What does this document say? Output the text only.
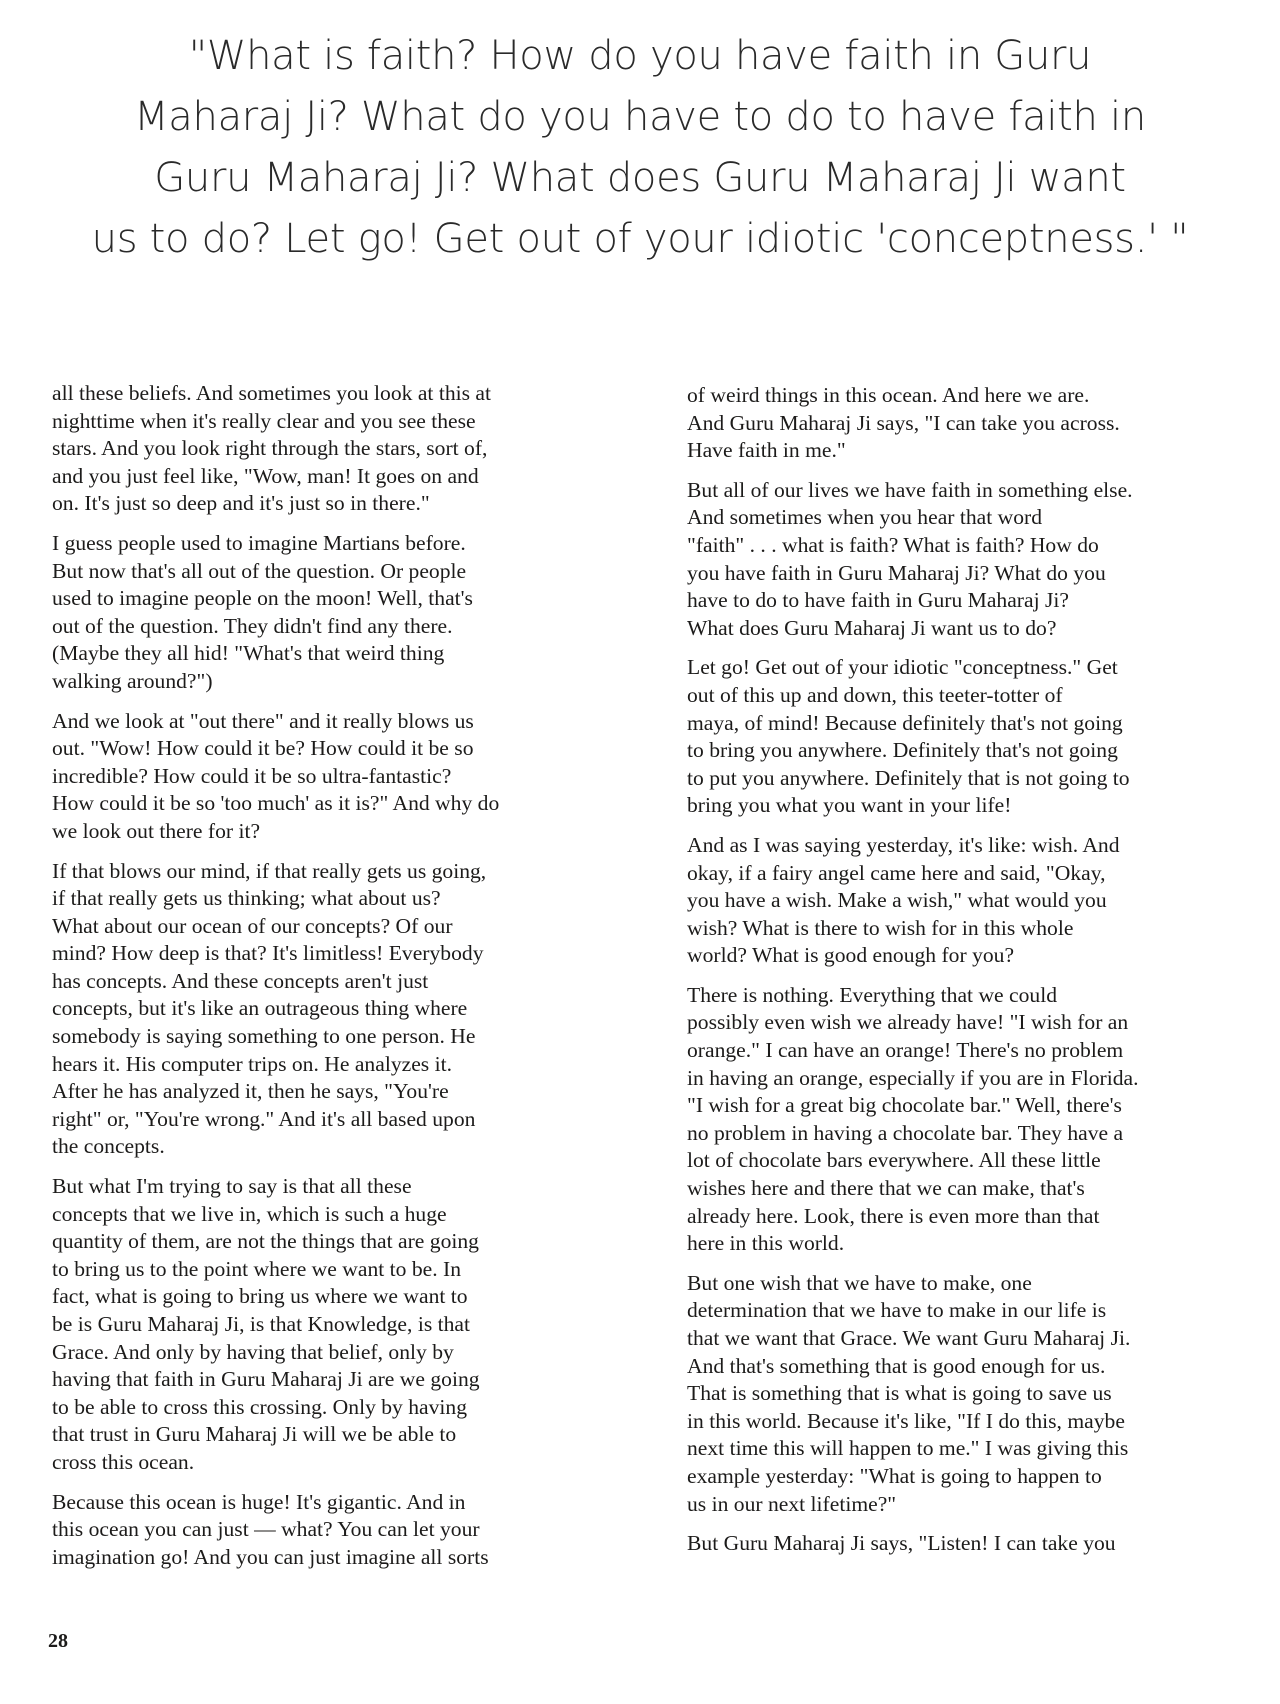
"What is faith? How do you have faith in Guru
Maharaj Ji? What do you have to do to have faith in
Guru Maharaj Ji? What does Guru Maharaj Ji want
us to do? Let go! Get out of your idiotic 'conceptness.' "

all these beliefs. And sometimes you look at this at
nighttime when it's really clear and you see these
stars. And you look right through the stars, sort of,
and you just feel like, "Wow, man! It goes on and
on. It's just so deep and it's just so in there."

I guess people used to imagine Martians before.
But now that's all out of the question. Or people
used to imagine people on the moon! Well, that's
out of the question. They didn't find any there.
(Maybe they all hid! "What's that weird thing
walking around?")

And we look at "out there" and it really blows us
out. "Wow! How could it be? How could it be so
incredible? How could it be so ultra-fantastic?
How could it be so 'too much' as it is?" And why do
we look out there for it?

If that blows our mind, if that really gets us going,
if that really gets us thinking; what about us?
What about our ocean of our concepts? Of our
mind? How deep is that? It's limitless! Everybody
has concepts. And these concepts aren't just
concepts, but it's like an outrageous thing where
somebody is saying something to one person. He
hears it. His computer trips on. He analyzes it.
After he has analyzed it, then he says, "You're
right" or, "You're wrong." And it's all based upon
the concepts.

But what I'm trying to say is that all these
concepts that we live in, which is such a huge
quantity of them, are not the things that are going
to bring us to the point where we want to be. In
fact, what is going to bring us where we want to
be is Guru Maharaj Ji, is that Knowledge, is that
Grace. And only by having that belief, only by
having that faith in Guru Maharaj Ji are we going
to be able to cross this crossing. Only by having
that trust in Guru Maharaj Ji will we be able to
cross this ocean.

Because this ocean is huge! It's gigantic. And in
this ocean you can just — what? You can let your
imagination go! And you can just imagine all sorts

of weird things in this ocean. And here we are.
And Guru Maharaj Ji says, "I can take you across.
Have faith in me."

But all of our lives we have faith in something else.
And sometimes when you hear that word
"faith" . . . what is faith? What is faith? How do
you have faith in Guru Maharaj Ji? What do you
have to do to have faith in Guru Maharaj Ji?
What does Guru Maharaj Ji want us to do?

Let go! Get out of your idiotic "conceptness." Get
out of this up and down, this teeter-totter of
maya, of mind! Because definitely that's not going
to bring you anywhere. Definitely that's not going
to put you anywhere. Definitely that is not going to
bring you what you want in your life!

And as I was saying yesterday, it's like: wish. And
okay, if a fairy angel came here and said, "Okay,
you have a wish. Make a wish," what would you
wish? What is there to wish for in this whole
world? What is good enough for you?

There is nothing. Everything that we could
possibly even wish we already have! "I wish for an
orange." I can have an orange! There's no problem
in having an orange, especially if you are in Florida.
"I wish for a great big chocolate bar." Well, there's
no problem in having a chocolate bar. They have a
lot of chocolate bars everywhere. All these little
wishes here and there that we can make, that's
already here. Look, there is even more than that
here in this world.

But one wish that we have to make, one
determination that we have to make in our life is
that we want that Grace. We want Guru Maharaj Ji.
And that's something that is good enough for us.
That is something that is what is going to save us
in this world. Because it's like, "If I do this, maybe
next time this will happen to me." I was giving this
example yesterday: "What is going to happen to
us in our next lifetime?"

But Guru Maharaj Ji says, "Listen! I can take you

28
